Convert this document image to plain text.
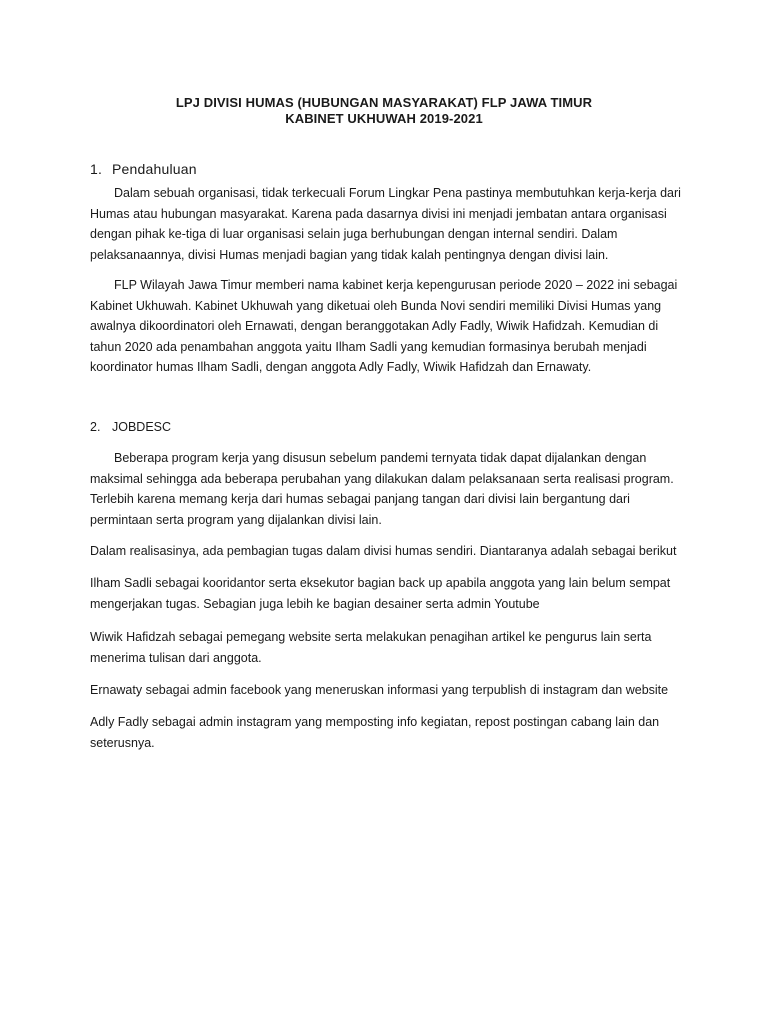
LPJ DIVISI HUMAS (HUBUNGAN MASYARAKAT) FLP JAWA TIMUR

KABINET UKHUWAH 2019-2021

1. Pendahuluan

Dalam sebuah organisasi, tidak terkecuali Forum Lingkar Pena pastinya membutuhkan kerja-kerja dari Humas atau hubungan masyarakat. Karena pada dasarnya divisi ini menjadi jembatan antara organisasi dengan pihak ke-tiga di luar organisasi selain juga berhubungan dengan internal sendiri. Dalam pelaksanaannya, divisi Humas menjadi bagian yang tidak kalah pentingnya dengan divisi lain.

FLP Wilayah Jawa Timur memberi nama kabinet kerja kepengurusan periode 2020 – 2022 ini sebagai Kabinet Ukhuwah. Kabinet Ukhuwah yang diketuai oleh Bunda Novi sendiri memiliki Divisi Humas yang awalnya dikoordinatori oleh Ernawati, dengan beranggotakan Adly Fadly, Wiwik Hafidzah. Kemudian di tahun 2020 ada penambahan anggota yaitu Ilham Sadli yang kemudian formasinya berubah menjadi koordinator humas Ilham Sadli, dengan anggota Adly Fadly, Wiwik Hafidzah dan Ernawaty.

2. JOBDESC

Beberapa program kerja yang disusun sebelum pandemi ternyata tidak dapat dijalankan dengan maksimal sehingga ada beberapa perubahan yang dilakukan dalam pelaksanaan serta realisasi program. Terlebih karena memang kerja dari humas sebagai panjang tangan dari divisi lain bergantung dari permintaan serta program yang dijalankan divisi lain.

Dalam realisasinya, ada pembagian tugas dalam divisi humas sendiri. Diantaranya adalah sebagai berikut

Ilham Sadli sebagai kooridantor serta eksekutor bagian back up apabila anggota yang lain belum sempat mengerjakan tugas. Sebagian juga lebih ke bagian desainer serta admin Youtube

Wiwik Hafidzah sebagai pemegang website serta melakukan penagihan artikel ke pengurus lain serta menerima tulisan dari anggota.

Ernawaty sebagai admin facebook yang meneruskan informasi yang terpublish di instagram dan website

Adly Fadly sebagai admin instagram yang memposting info kegiatan, repost postingan cabang lain dan seterusnya.
